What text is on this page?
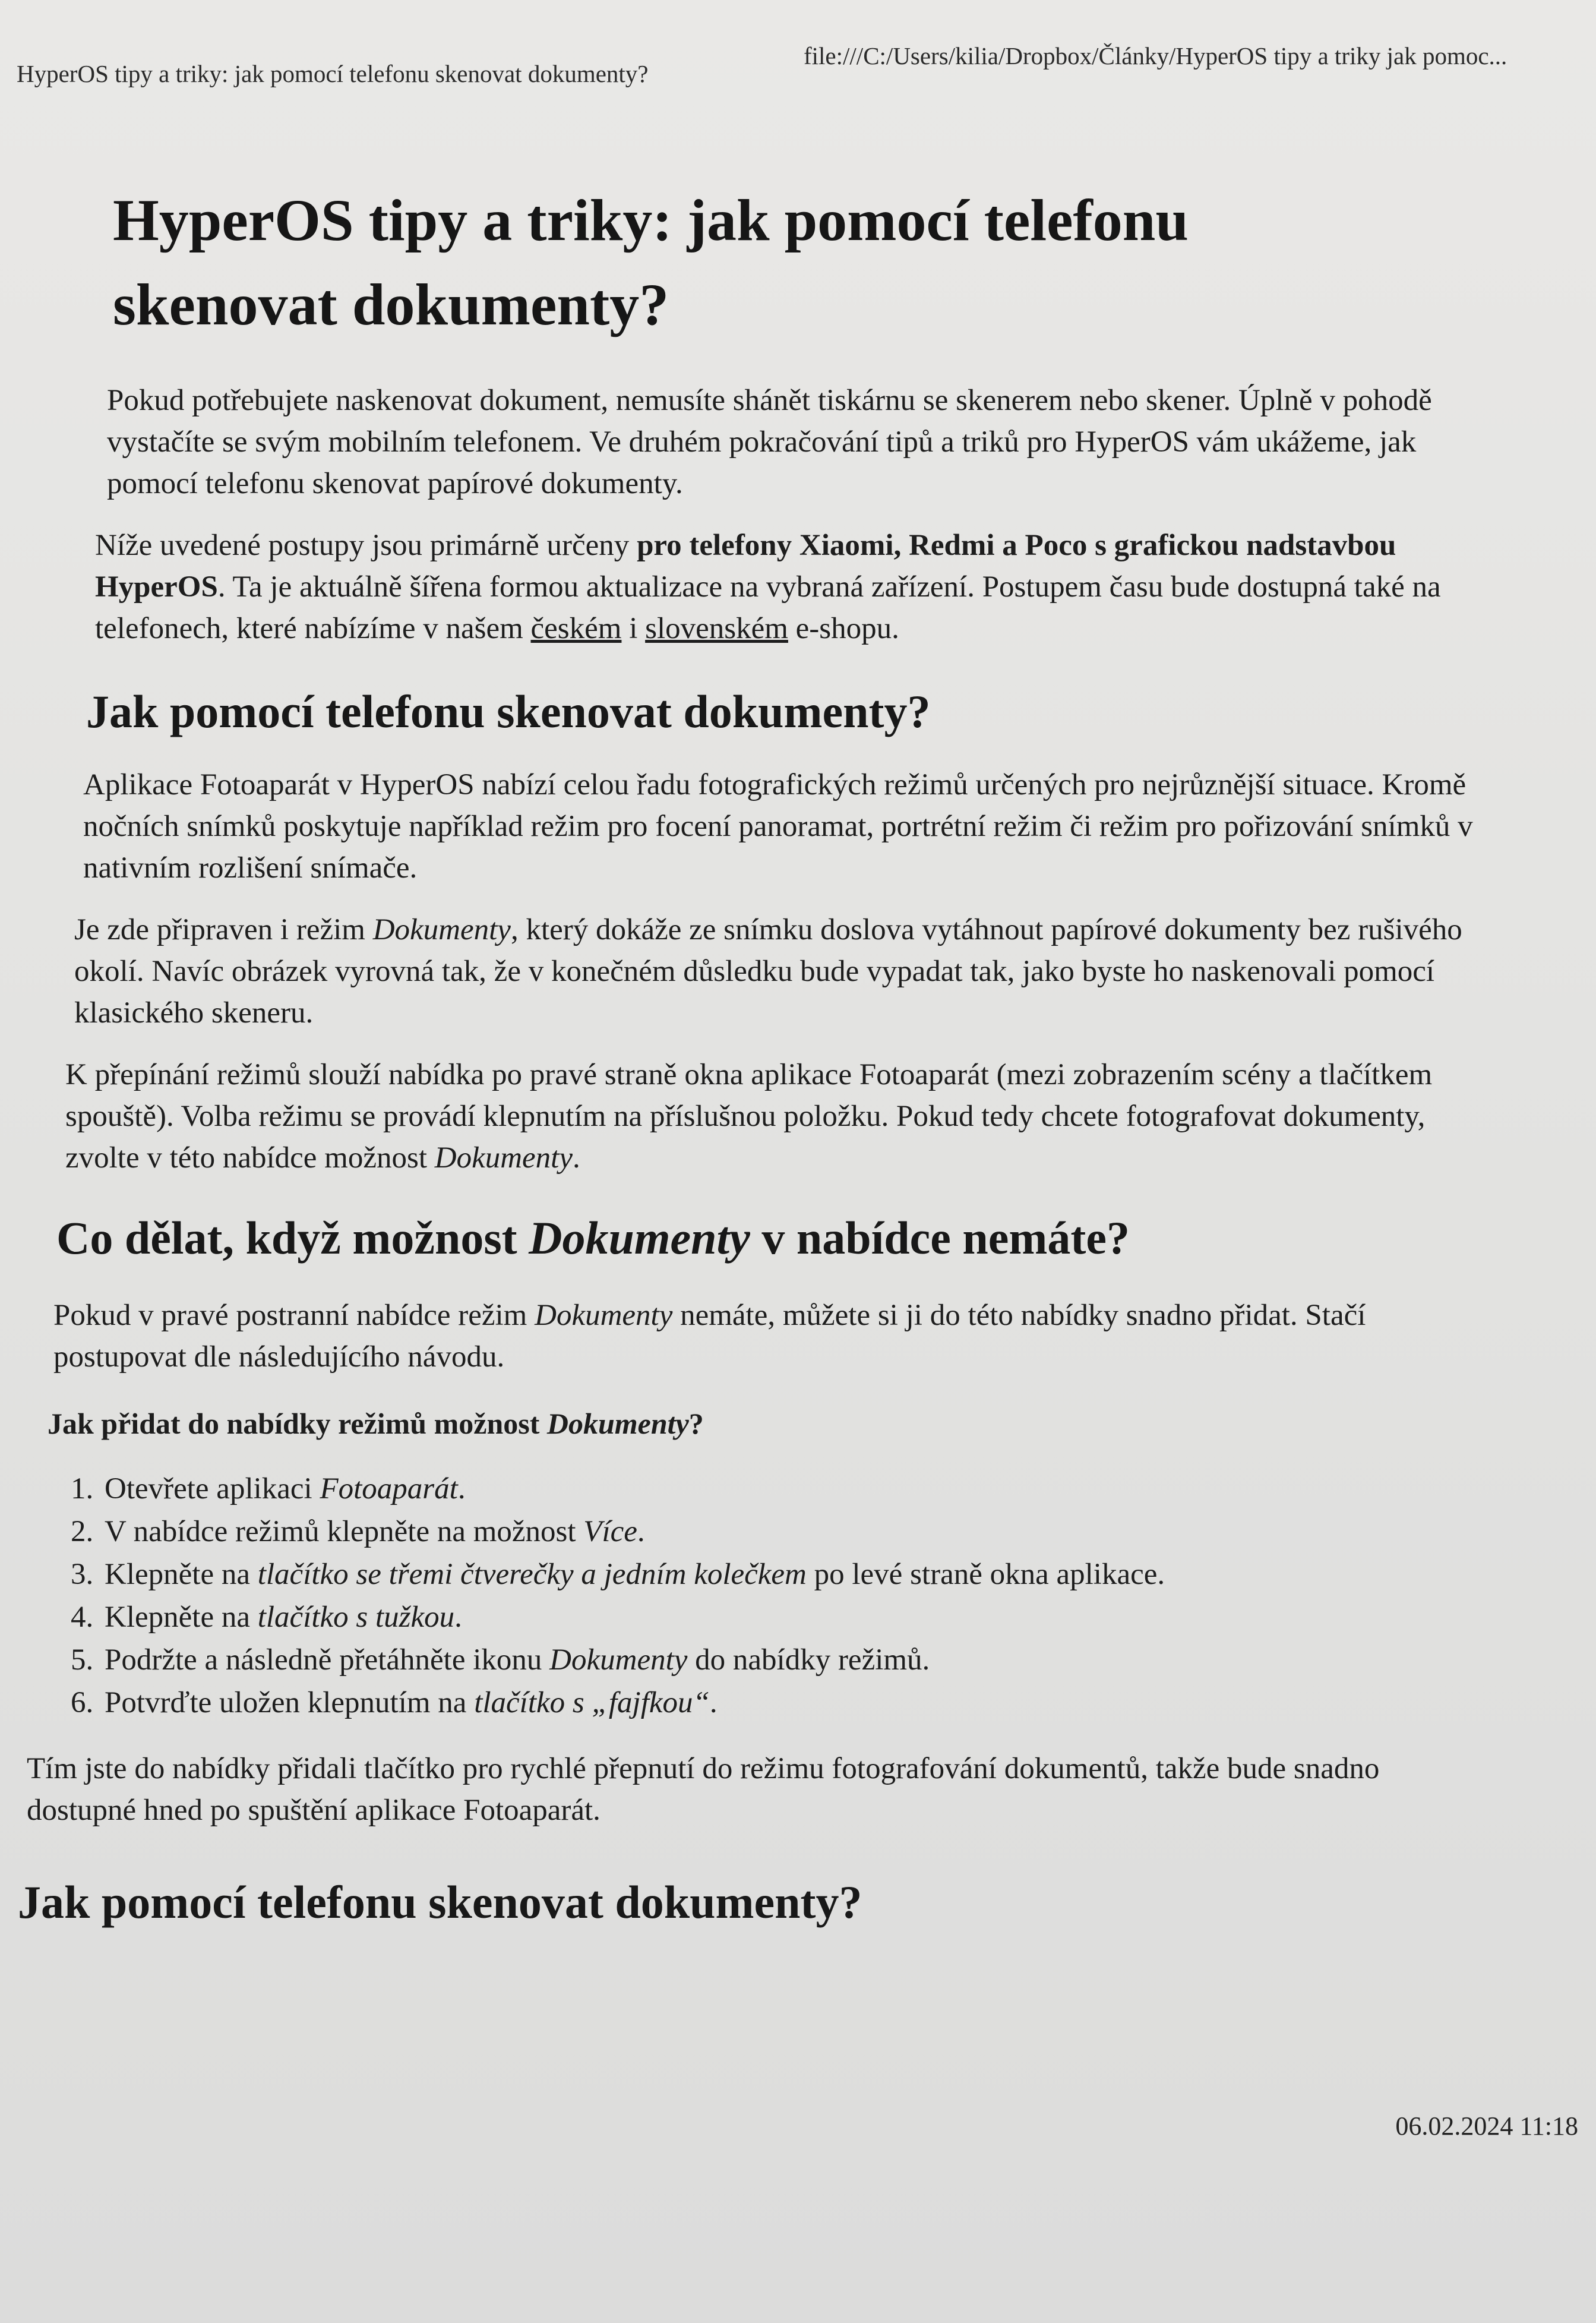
HyperOS tipy a triky: jak pomocí telefonu skenovat dokumenty?
file:///C:/Users/kilia/Dropbox/Články/HyperOS tipy a triky jak pomoc...
HyperOS tipy a triky: jak pomocí telefonu
skenovat dokumenty?

Pokud potřebujete naskenovat dokument, nemusíte shánět tiskárnu se skenerem nebo skener. Úplně v pohodě vystačíte se svým mobilním telefonem. Ve druhém pokračování tipů a triků pro HyperOS vám ukážeme, jak pomocí telefonu skenovat papírové dokumenty.

Níže uvedené postupy jsou primárně určeny pro telefony Xiaomi, Redmi a Poco s grafickou nadstavbou HyperOS. Ta je aktuálně šířena formou aktualizace na vybraná zařízení. Postupem času bude dostupná také na telefonech, které nabízíme v našem českém i slovenském e-shopu.

Jak pomocí telefonu skenovat dokumenty?

Aplikace Fotoaparát v HyperOS nabízí celou řadu fotografických režimů určených pro nejrůznější situace. Kromě nočních snímků poskytuje například režim pro focení panoramat, portrétní režim či režim pro pořizování snímků v nativním rozlišení snímače.

Je zde připraven i režim Dokumenty, který dokáže ze snímku doslova vytáhnout papírové dokumenty bez rušivého okolí. Navíc obrázek vyrovná tak, že v konečném důsledku bude vypadat tak, jako byste ho naskenovali pomocí klasického skeneru.

K přepínání režimů slouží nabídka po pravé straně okna aplikace Fotoaparát (mezi zobrazením scény a tlačítkem spouště). Volba režimu se provádí klepnutím na příslušnou položku. Pokud tedy chcete fotografovat dokumenty, zvolte v této nabídce možnost Dokumenty.

Co dělat, když možnost Dokumenty v nabídce nemáte?

Pokud v pravé postranní nabídce režim Dokumenty nemáte, můžete si ji do této nabídky snadno přidat. Stačí postupovat dle následujícího návodu.

Jak přidat do nabídky režimů možnost Dokumenty?
1. Otevřete aplikaci Fotoaparát.
2. V nabídce režimů klepněte na možnost Více.
3. Klepněte na tlačítko se třemi čtverečky a jedním kolečkem po levé straně okna aplikace.
4. Klepněte na tlačítko s tužkou.
5. Podržte a následně přetáhněte ikonu Dokumenty do nabídky režimů.
6. Potvrďte uložen klepnutím na tlačítko s „fajfkou“.

Tím jste do nabídky přidali tlačítko pro rychlé přepnutí do režimu fotografování dokumentů, takže bude snadno dostupné hned po spuštění aplikace Fotoaparát.

Jak pomocí telefonu skenovat dokumenty?
06.02.2024 11:18
